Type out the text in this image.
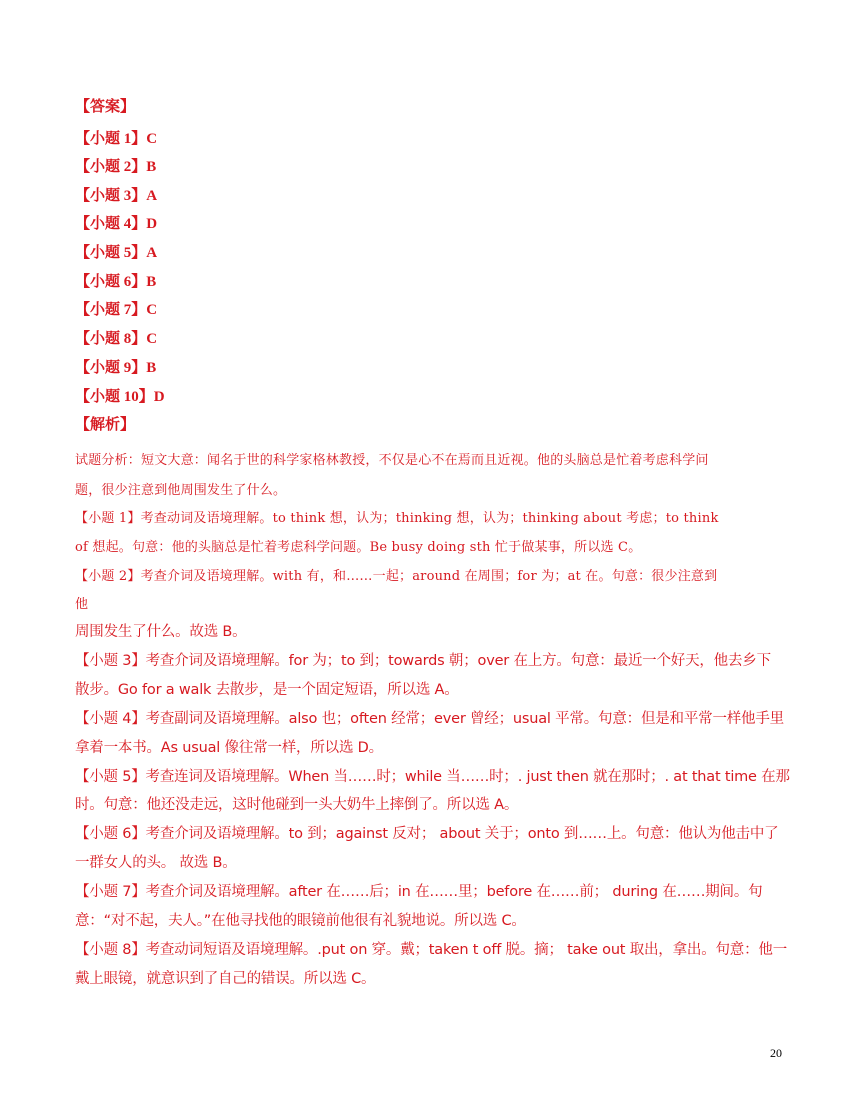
【答案】
【小题 1】C
【小题 2】B
【小题 3】A
【小题 4】D
【小题 5】A
【小题 6】B
【小题 7】C
【小题 8】C
【小题 9】B
【小题 10】D
【解析】
试题分析：短文大意：闻名于世的科学家格林教授，不仅是心不在焉而且近视。他的头脑总是忙着考虑科学问
题，很少注意到他周围发生了什么。
【小题 1】考查动词及语境理解。to think 想，认为；thinking 想，认为；thinking about 考虑；to think
of 想起。句意：他的头脑总是忙着考虑科学问题。Be busy doing sth 忙于做某事，所以选 C。
【小题 2】考查介词及语境理解。with 有，和……一起；around 在周围；for 为；at 在。句意：很少注意到
他
周围发生了什么。故选 B。
【小题 3】考查介词及语境理解。for 为；to 到；towards 朝；over 在上方。句意：最近一个好天，他去乡下
散步。Go for a walk 去散步，是一个固定短语，所以选 A。
【小题 4】考查副词及语境理解。also 也；often 经常；ever 曾经；usual 平常。句意：但是和平常一样他手里
拿着一本书。As usual 像往常一样，所以选 D。
【小题 5】考查连词及语境理解。When 当……时；while 当……时；. just then 就在那时；. at that time 在那
时。句意：他还没走远，这时他碰到一头大奶牛上摔倒了。所以选 A。
【小题 6】考查介词及语境理解。to 到；against 反对； about 关于；onto 到……上。句意：他认为他击中了
一群女人的头。 故选 B。
【小题 7】考查介词及语境理解。after 在……后；in 在……里；before 在……前； during 在……期间。句
意：“对不起，夫人。”在他寻找他的眼镜前他很有礼貌地说。所以选 C。
【小题 8】考查动词短语及语境理解。.put on 穿。戴；taken t off 脱。摘； take out 取出，拿出。句意：他一
戴上眼镜，就意识到了自己的错误。所以选 C。
20
